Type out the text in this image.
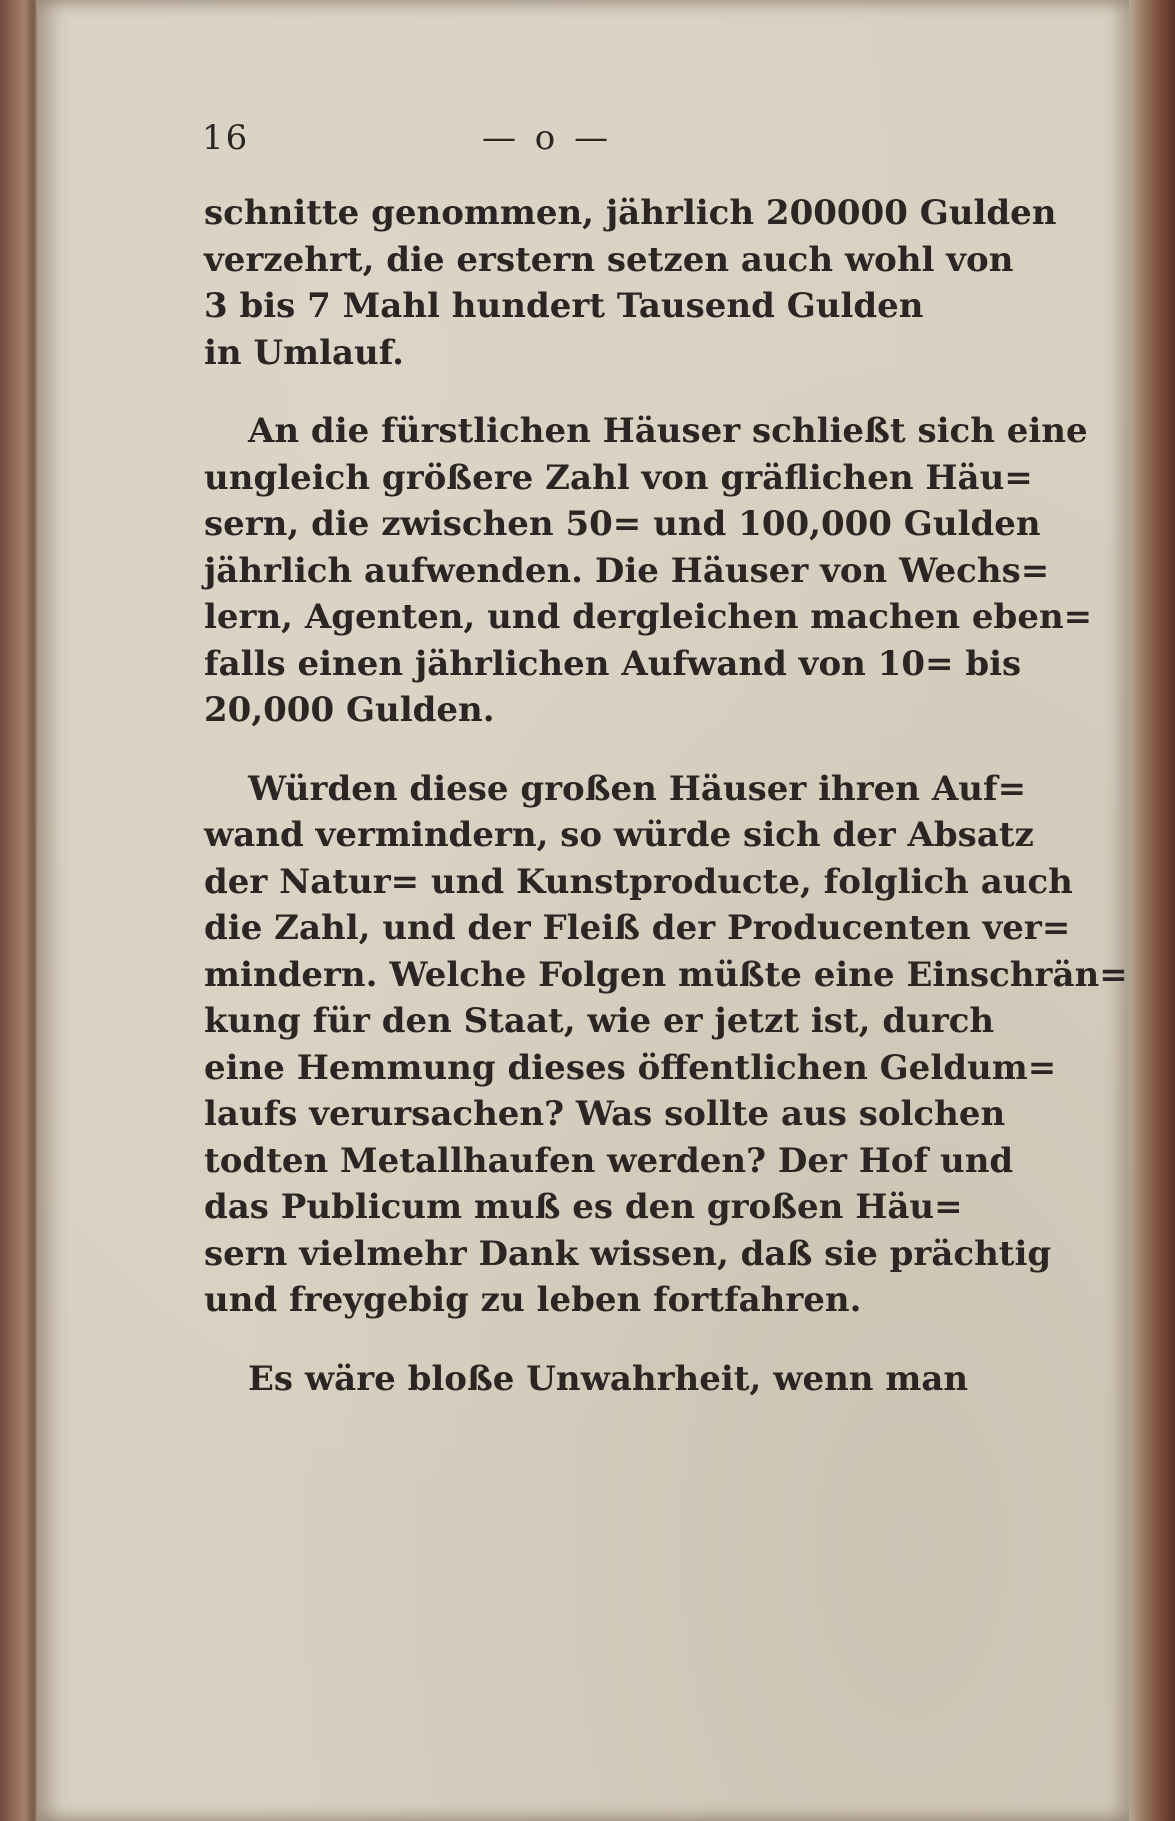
16	— o —
schnitte genommen, jährlich 200000 Gulden
verzehrt, die erstern setzen auch wohl von
3 bis 7 Mahl hundert Tausend Gulden
in Umlauf.
An die fürstlichen Häuser schließt sich eine
ungleich größere Zahl von gräflichen Häu=
sern, die zwischen 50= und 100,000 Gulden
jährlich aufwenden. Die Häuser von Wechs=
lern, Agenten, und dergleichen machen eben=
falls einen jährlichen Aufwand von 10= bis
20,000 Gulden.
Würden diese großen Häuser ihren Auf=
wand vermindern, so würde sich der Absatz
der Natur= und Kunstproducte, folglich auch
die Zahl, und der Fleiß der Producenten ver=
mindern. Welche Folgen müßte eine Einschrän=
kung für den Staat, wie er jetzt ist, durch
eine Hemmung dieses öffentlichen Geldum=
laufs verursachen? Was sollte aus solchen
todten Metallhaufen werden? Der Hof und
das Publicum muß es den großen Häu=
sern vielmehr Dank wissen, daß sie prächtig
und freygebig zu leben fortfahren.
Es wäre bloße Unwahrheit, wenn man
